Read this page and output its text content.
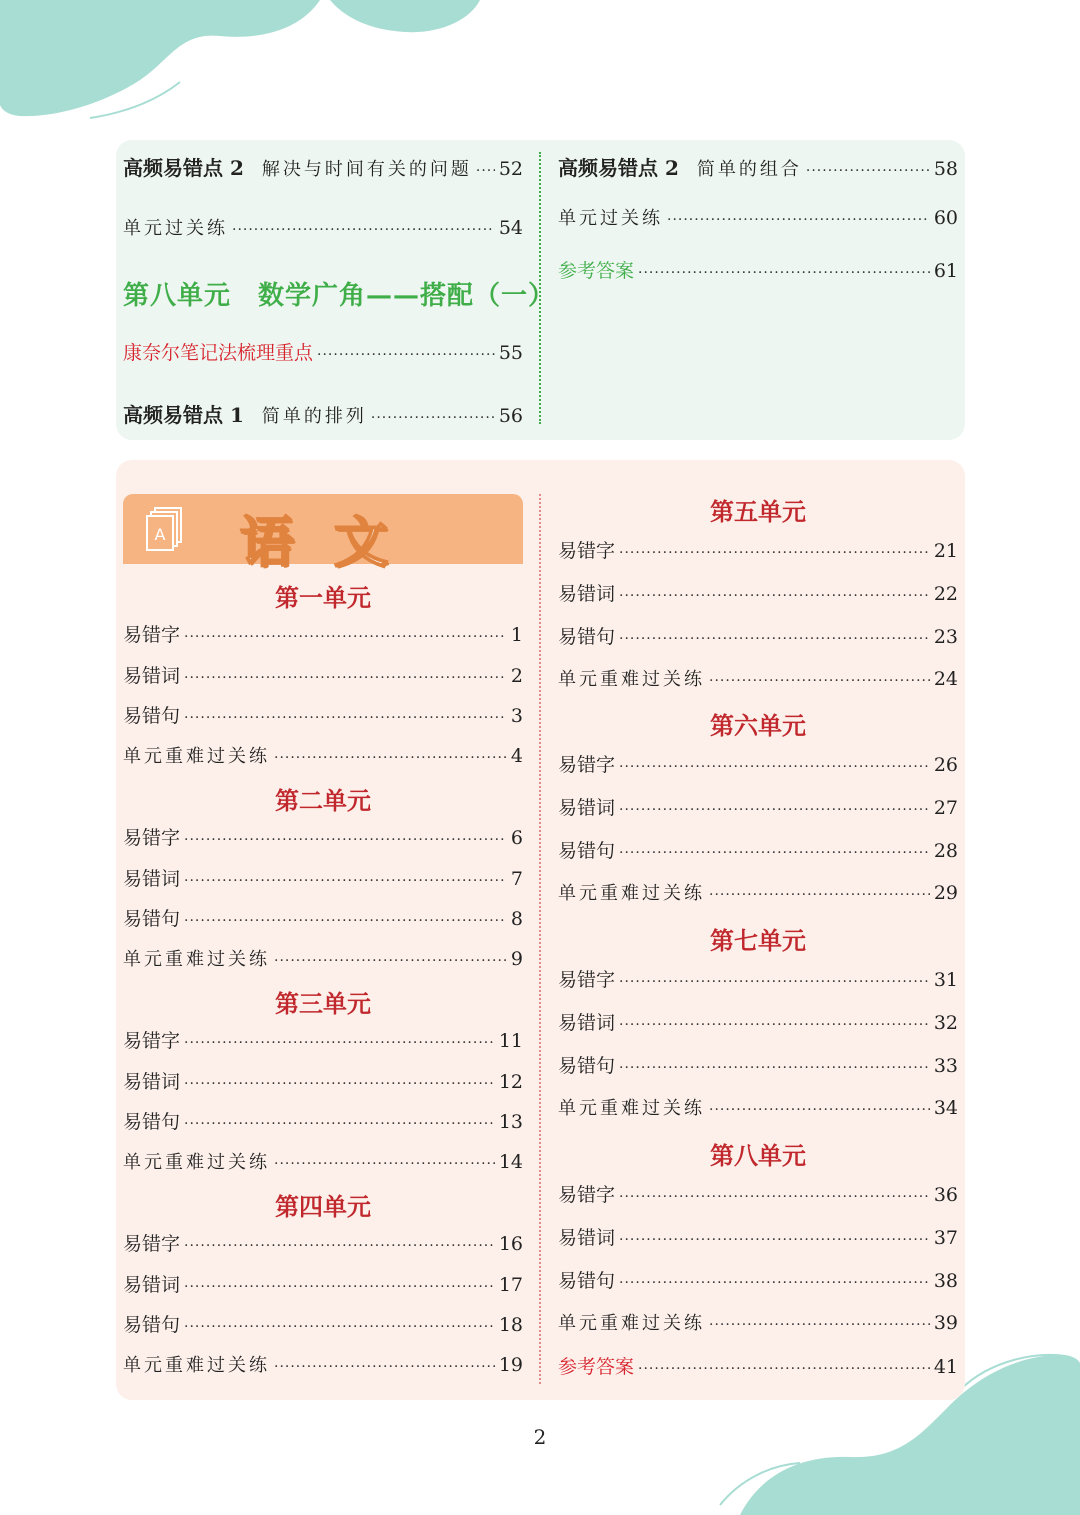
高频易错点 2 解决与时间有关的问题 ····· 52
单元过关练 ·····	54
第八单元　数学广角——搭配（一）
康奈尔笔记法梳理重点 ·····	55
高频易错点 1 简单的排列 ·····	56
高频易错点 2 简单的组合 ·····	58
单元过关练 ·····	60
参考答案 ·····	61
A 语文
第一单元
易错字 ·····	1
易错词 ·····	2
易错句 ·····	3
单元重难过关练 ·····	4
第二单元
易错字 ·····	6
易错词 ·····	7
易错句 ·····	8
单元重难过关练 ·····	9
第三单元
易错字 ·····	11
易错词 ·····	12
易错句 ·····	13
单元重难过关练 ·····	14
第四单元
易错字 ·····	16
易错词 ·····	17
易错句 ·····	18
单元重难过关练 ·····	19
第五单元
易错字 ·····	21
易错词 ·····	22
易错句 ·····	23
单元重难过关练 ·····	24
第六单元
易错字 ·····	26
易错词 ·····	27
易错句 ·····	28
单元重难过关练 ·····	29
第七单元
易错字 ·····	31
易错词 ·····	32
易错句 ·····	33
单元重难过关练 ·····	34
第八单元
易错字 ·····	36
易错词 ·····	37
易错句 ·····	38
单元重难过关练 ·····	39
参考答案 ·····	41
2
